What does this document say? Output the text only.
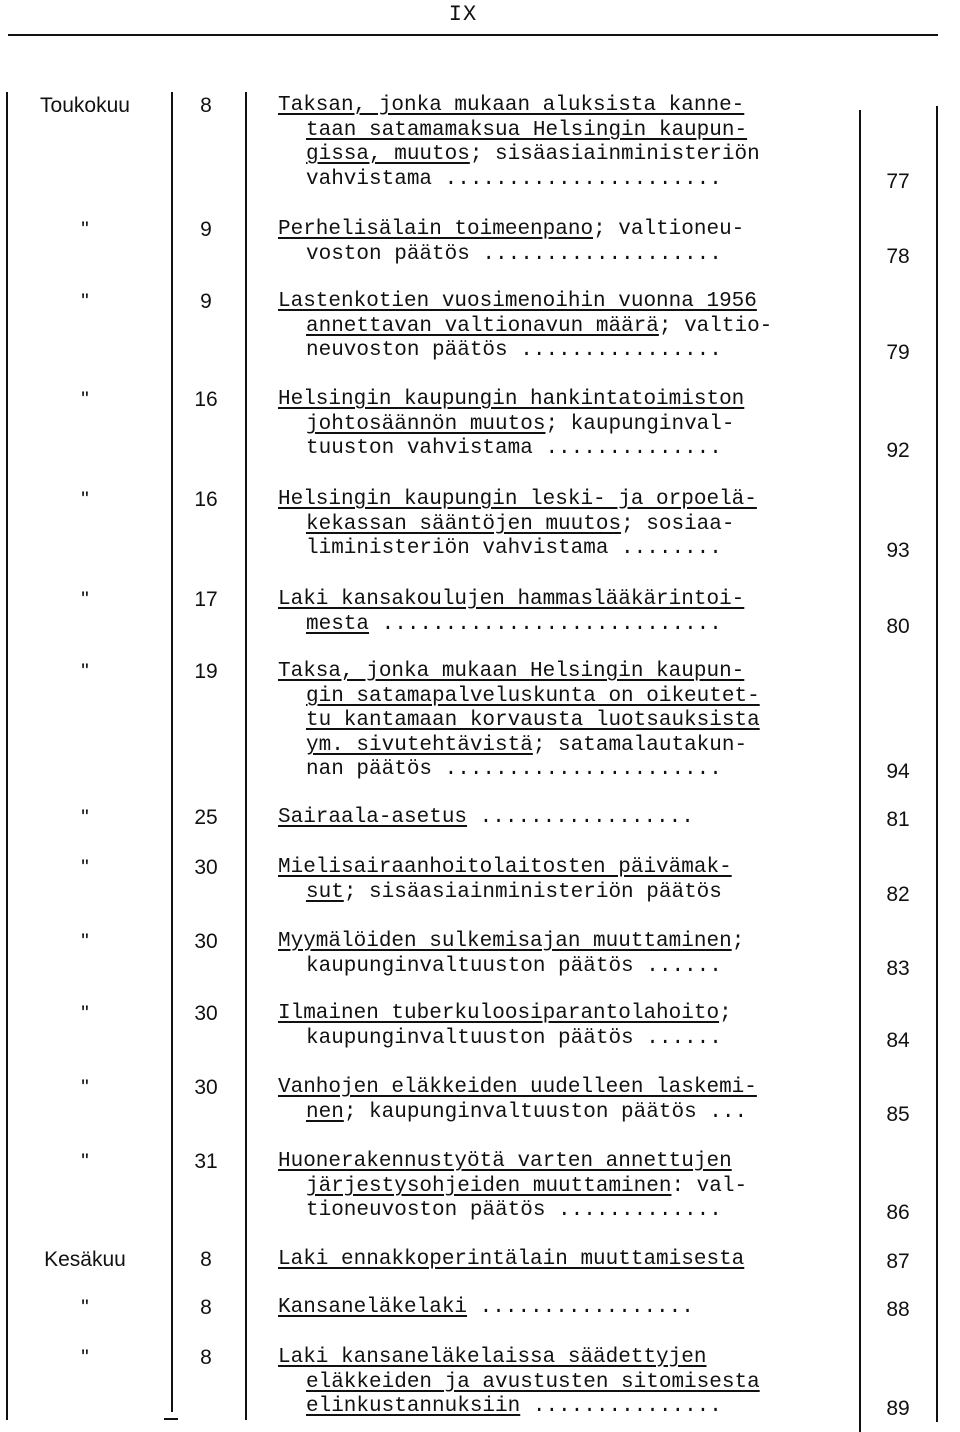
IX
Toukokuu	8	Taksan, jonka mukaan aluksista kanne-
taan satamamaksua Helsingin kaupun-
gissa, muutos; sisäasiainministeriön
vahvistama ......................	77
"	9	Perhelisälain toimeenpano; valtioneu-
voston päätös ...................	78
"	9	Lastenkotien vuosimenoihin vuonna 1956
annettavan valtionavun määrä; valtio-
neuvoston päätös ................	79
"	16	Helsingin kaupungin hankintatoimiston
johtosäännön muutos; kaupunginval-
tuuston vahvistama ..............	92
"	16	Helsingin kaupungin leski- ja orpoelä-
kekassan sääntöjen muutos; sosiaa-
liministeriön vahvistama ........	93
"	17	Laki kansakoulujen hammaslääkärintoi-
mesta ...........................	80
"	19	Taksa, jonka mukaan Helsingin kaupun-
gin satamapalveluskunta on oikeutet-
tu kantamaan korvausta luotsauksista
ym. sivutehtävistä; satamalautakun-
nan päätös ......................	94
"	25	Sairaala-asetus .................	81
"	30	Mielisairaanhoitolaitosten päivämak-
sut; sisäasiainministeriön päätös	82
"	30	Myymälöiden sulkemisajan muuttaminen;
kaupunginvaltuuston päätös ......	83
"	30	Ilmainen tuberkuloosiparantolahoito;
kaupunginvaltuuston päätös ......	84
"	30	Vanhojen eläkkeiden uudelleen laskemi-
nen; kaupunginvaltuuston päätös ...	85
"	31	Huonerakennustyötä varten annettujen
järjestysohjeiden muuttaminen: val-
tioneuvoston päätös .............	86
Kesäkuu	8	Laki ennakkoperintälain muuttamisesta	87
"	8	Kansaneläkelaki .................	88
"	8	Laki kansaneläkelaissa säädettyjen
eläkkeiden ja avustusten sitomisesta
elinkustannuksiin ...............	89
